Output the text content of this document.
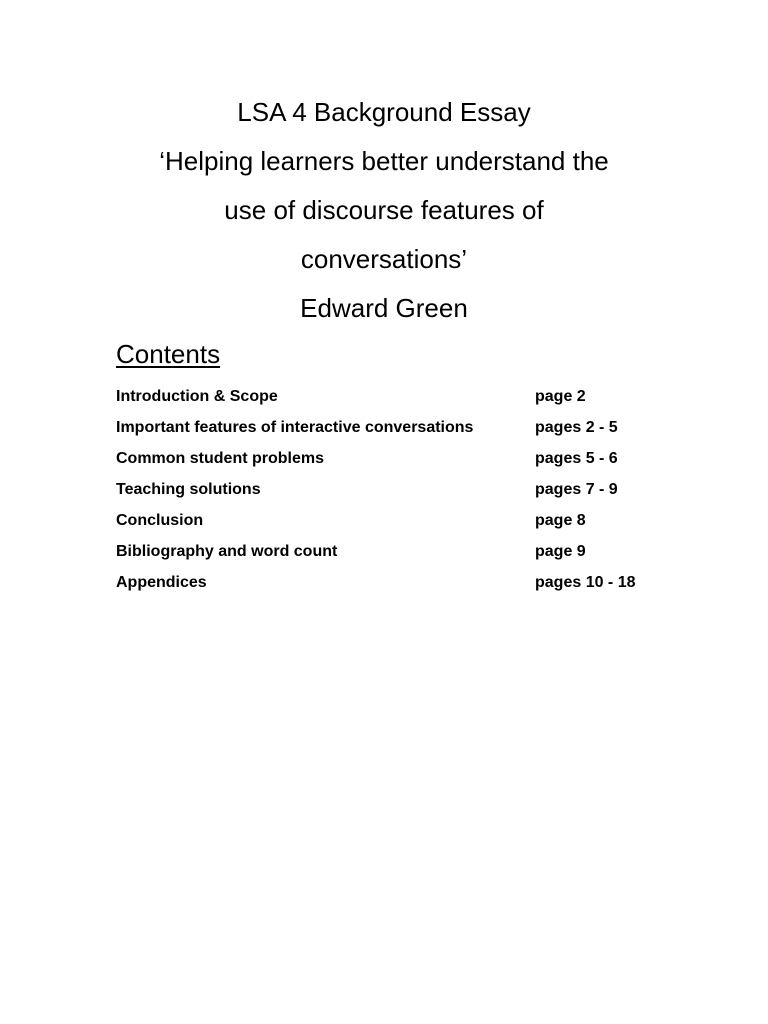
LSA 4 Background Essay
‘Helping learners better understand the
use of discourse features of
conversations’
Edward Green
Contents
Introduction & Scope	page 2
Important features of interactive conversations	pages 2 - 5
Common student problems	pages 5 - 6
Teaching solutions	pages 7 - 9
Conclusion	page 8
Bibliography and word count	page 9
Appendices	pages 10 - 18
